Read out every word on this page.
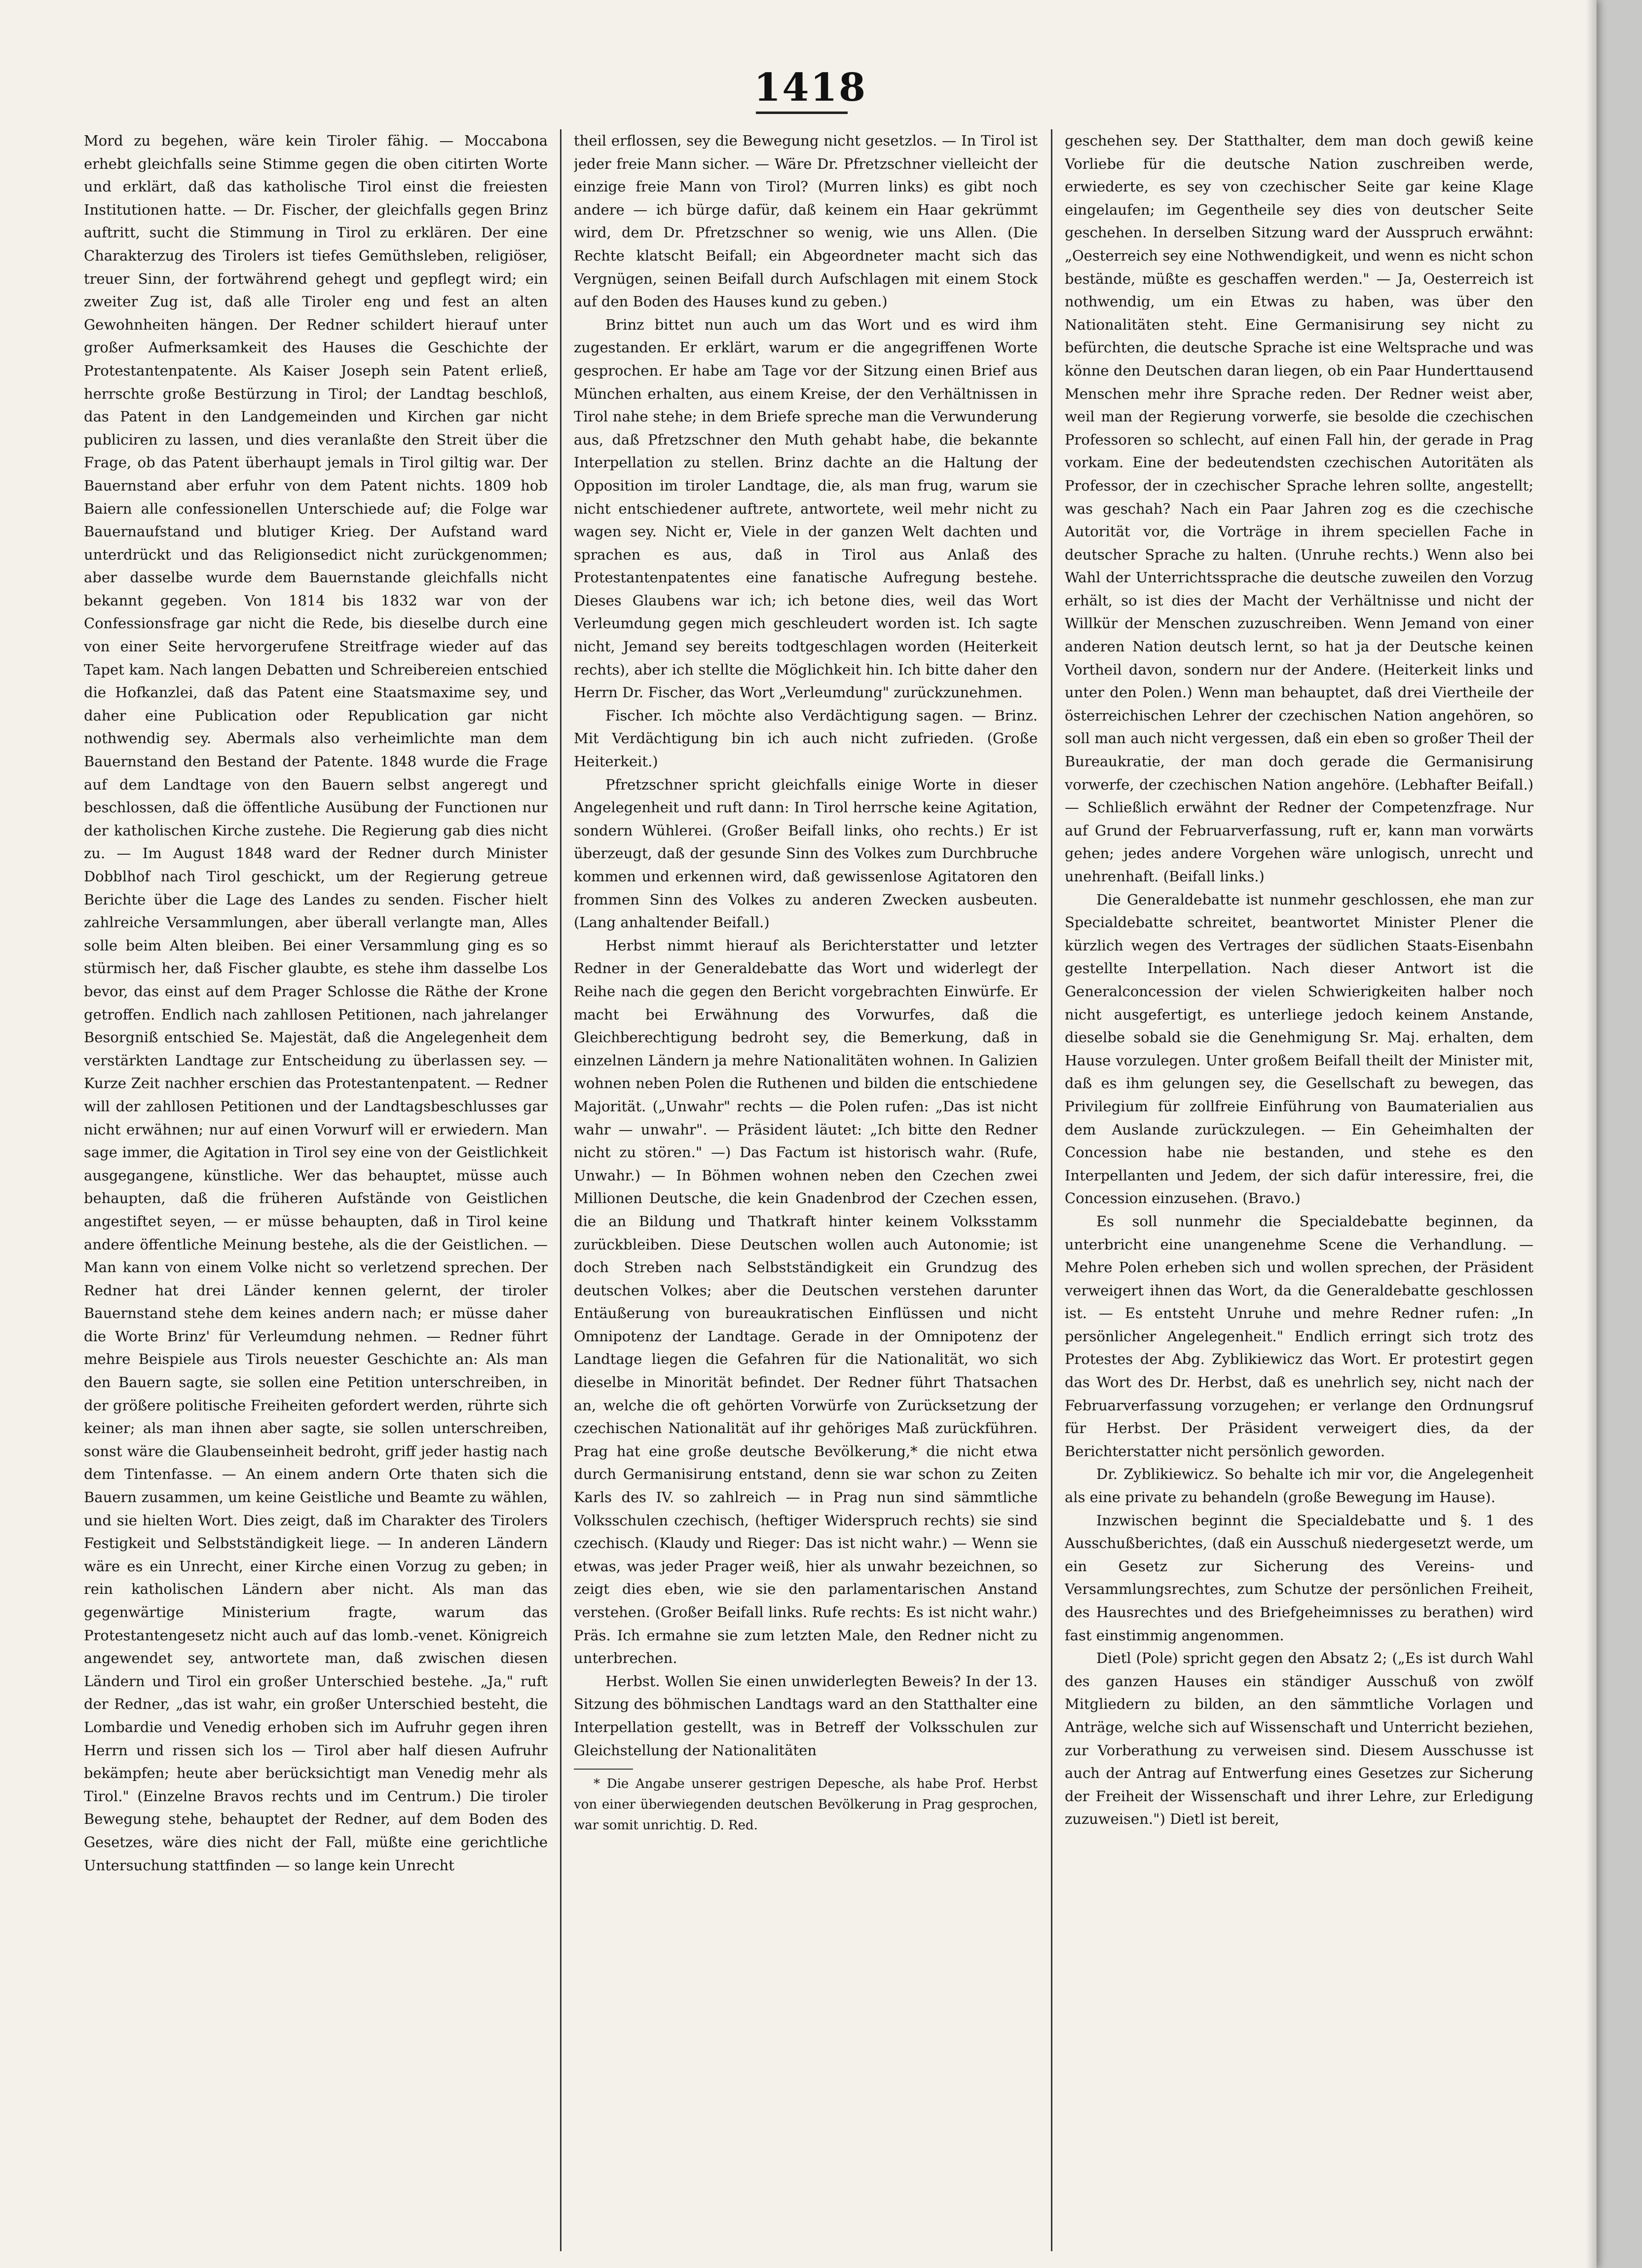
1418

Mord zu begehen, wäre kein Tiroler fähig. — Moccabona erhebt gleichfalls seine Stimme gegen die oben citirten Worte und erklärt, daß das katholische Tirol einst die freiesten Institutionen hatte. — Dr. Fischer, der gleichfalls gegen Brinz auftritt, sucht die Stimmung in Tirol zu erklären. Der eine Charakterzug des Tirolers ist tiefes Gemüthsleben, religiöser, treuer Sinn, der fortwährend gehegt und gepflegt wird; ein zweiter Zug ist, daß alle Tiroler eng und fest an alten Gewohnheiten hängen. Der Redner schildert hierauf unter großer Aufmerksamkeit des Hauses die Geschichte der Protestantenpatente. Als Kaiser Joseph sein Patent erließ, herrschte große Bestürzung in Tirol; der Landtag beschloß, das Patent in den Landgemeinden und Kirchen gar nicht publiciren zu lassen, und dies veranlaßte den Streit über die Frage, ob das Patent überhaupt jemals in Tirol giltig war. Der Bauernstand aber erfuhr von dem Patent nichts. 1809 hob Baiern alle confessionellen Unterschiede auf; die Folge war Bauernaufstand und blutiger Krieg. Der Aufstand ward unterdrückt und das Religionsedict nicht zurückgenommen; aber dasselbe wurde dem Bauernstande gleichfalls nicht bekannt gegeben. Von 1814 bis 1832 war von der Confessionsfrage gar nicht die Rede, bis dieselbe durch eine von einer Seite hervorgerufene Streitfrage wieder auf das Tapet kam. Nach langen Debatten und Schreibereien entschied die Hofkanzlei, daß das Patent eine Staatsmaxime sey, und daher eine Publication oder Republication gar nicht nothwendig sey. Abermals also verheimlichte man dem Bauernstand den Bestand der Patente. 1848 wurde die Frage auf dem Landtage von den Bauern selbst angeregt und beschlossen, daß die öffentliche Ausübung der Functionen nur der katholischen Kirche zustehe. Die Regierung gab dies nicht zu. — Im August 1848 ward der Redner durch Minister Dobblhof nach Tirol geschickt, um der Regierung getreue Berichte über die Lage des Landes zu senden. Fischer hielt zahlreiche Versammlungen, aber überall verlangte man, Alles solle beim Alten bleiben. Bei einer Versammlung ging es so stürmisch her, daß Fischer glaubte, es stehe ihm dasselbe Los bevor, das einst auf dem Prager Schlosse die Räthe der Krone getroffen. Endlich nach zahllosen Petitionen, nach jahrelanger Besorgniß entschied Se. Majestät, daß die Angelegenheit dem verstärkten Landtage zur Entscheidung zu überlassen sey. — Kurze Zeit nachher erschien das Protestantenpatent. — Redner will der zahllosen Petitionen und der Landtagsbeschlusses gar nicht erwähnen; nur auf einen Vorwurf will er erwiedern. Man sage immer, die Agitation in Tirol sey eine von der Geistlichkeit ausgegangene, künstliche. Wer das behauptet, müsse auch behaupten, daß die früheren Aufstände von Geistlichen angestiftet seyen, — er müsse behaupten, daß in Tirol keine andere öffentliche Meinung bestehe, als die der Geistlichen. — Man kann von einem Volke nicht so verletzend sprechen. Der Redner hat drei Länder kennen gelernt, der tiroler Bauernstand stehe dem keines andern nach; er müsse daher die Worte Brinz' für Verleumdung nehmen. — Redner führt mehre Beispiele aus Tirols neuester Geschichte an: Als man den Bauern sagte, sie sollen eine Petition unterschreiben, in der größere politische Freiheiten gefordert werden, rührte sich keiner; als man ihnen aber sagte, sie sollen unterschreiben, sonst wäre die Glaubenseinheit bedroht, griff jeder hastig nach dem Tintenfasse. — An einem andern Orte thaten sich die Bauern zusammen, um keine Geistliche und Beamte zu wählen, und sie hielten Wort. Dies zeigt, daß im Charakter des Tirolers Festigkeit und Selbstständigkeit liege. — In anderen Ländern wäre es ein Unrecht, einer Kirche einen Vorzug zu geben; in rein katholischen Ländern aber nicht. Als man das gegenwärtige Ministerium fragte, warum das Protestantengesetz nicht auch auf das lomb.-venet. Königreich angewendet sey, antwortete man, daß zwischen diesen Ländern und Tirol ein großer Unterschied bestehe. „Ja," ruft der Redner, „das ist wahr, ein großer Unterschied besteht, die Lombardie und Venedig erhoben sich im Aufruhr gegen ihren Herrn und rissen sich los — Tirol aber half diesen Aufruhr bekämpfen; heute aber berücksichtigt man Venedig mehr als Tirol." (Einzelne Bravos rechts und im Centrum.) Die tiroler Bewegung stehe, behauptet der Redner, auf dem Boden des Gesetzes, wäre dies nicht der Fall, müßte eine gerichtliche Untersuchung stattfinden — so lange kein Unrecht

theil erflossen, sey die Bewegung nicht gesetzlos. — In Tirol ist jeder freie Mann sicher. — Wäre Dr. Pfretzschner vielleicht der einzige freie Mann von Tirol? (Murren links) es gibt noch andere — ich bürge dafür, daß keinem ein Haar gekrümmt wird, dem Dr. Pfretzschner so wenig, wie uns Allen. (Die Rechte klatscht Beifall; ein Abgeordneter macht sich das Vergnügen, seinen Beifall durch Aufschlagen mit einem Stock auf den Boden des Hauses kund zu geben.)

Brinz bittet nun auch um das Wort und es wird ihm zugestanden. Er erklärt, warum er die angegriffenen Worte gesprochen. Er habe am Tage vor der Sitzung einen Brief aus München erhalten, aus einem Kreise, der den Verhältnissen in Tirol nahe stehe; in dem Briefe spreche man die Verwunderung aus, daß Pfretzschner den Muth gehabt habe, die bekannte Interpellation zu stellen. Brinz dachte an die Haltung der Opposition im tiroler Landtage, die, als man frug, warum sie nicht entschiedener auftrete, antwortete, weil mehr nicht zu wagen sey. Nicht er, Viele in der ganzen Welt dachten und sprachen es aus, daß in Tirol aus Anlaß des Protestantenpatentes eine fanatische Aufregung bestehe. Dieses Glaubens war ich; ich betone dies, weil das Wort Verleumdung gegen mich geschleudert worden ist. Ich sagte nicht, Jemand sey bereits todtgeschlagen worden (Heiterkeit rechts), aber ich stellte die Möglichkeit hin. Ich bitte daher den Herrn Dr. Fischer, das Wort „Verleumdung" zurückzunehmen.

Fischer. Ich möchte also Verdächtigung sagen. — Brinz. Mit Verdächtigung bin ich auch nicht zufrieden. (Große Heiterkeit.)

Pfretzschner spricht gleichfalls einige Worte in dieser Angelegenheit und ruft dann: In Tirol herrsche keine Agitation, sondern Wühlerei. (Großer Beifall links, oho rechts.) Er ist überzeugt, daß der gesunde Sinn des Volkes zum Durchbruche kommen und erkennen wird, daß gewissenlose Agitatoren den frommen Sinn des Volkes zu anderen Zwecken ausbeuten. (Lang anhaltender Beifall.)

Herbst nimmt hierauf als Berichterstatter und letzter Redner in der Generaldebatte das Wort und widerlegt der Reihe nach die gegen den Bericht vorgebrachten Einwürfe. Er macht bei Erwähnung des Vorwurfes, daß die Gleichberechtigung bedroht sey, die Bemerkung, daß in einzelnen Ländern ja mehre Nationalitäten wohnen. In Galizien wohnen neben Polen die Ruthenen und bilden die entschiedene Majorität. („Unwahr" rechts — die Polen rufen: „Das ist nicht wahr — unwahr". — Präsident läutet: „Ich bitte den Redner nicht zu stören." —) Das Factum ist historisch wahr. (Rufe, Unwahr.) — In Böhmen wohnen neben den Czechen zwei Millionen Deutsche, die kein Gnadenbrod der Czechen essen, die an Bildung und Thatkraft hinter keinem Volksstamm zurückbleiben. Diese Deutschen wollen auch Autonomie; ist doch Streben nach Selbstständigkeit ein Grundzug des deutschen Volkes; aber die Deutschen verstehen darunter Entäußerung von bureaukratischen Einflüssen und nicht Omnipotenz der Landtage. Gerade in der Omnipotenz der Landtage liegen die Gefahren für die Nationalität, wo sich dieselbe in Minorität befindet. Der Redner führt Thatsachen an, welche die oft gehörten Vorwürfe von Zurücksetzung der czechischen Nationalität auf ihr gehöriges Maß zurückführen. Prag hat eine große deutsche Bevölkerung,* die nicht etwa durch Germanisirung entstand, denn sie war schon zu Zeiten Karls des IV. so zahlreich — in Prag nun sind sämmtliche Volksschulen czechisch, (heftiger Widerspruch rechts) sie sind czechisch. (Klaudy und Rieger: Das ist nicht wahr.) — Wenn sie etwas, was jeder Prager weiß, hier als unwahr bezeichnen, so zeigt dies eben, wie sie den parlamentarischen Anstand verstehen. (Großer Beifall links. Rufe rechts: Es ist nicht wahr.) Präs. Ich ermahne sie zum letzten Male, den Redner nicht zu unterbrechen.

Herbst. Wollen Sie einen unwiderlegten Beweis? In der 13. Sitzung des böhmischen Landtags ward an den Statthalter eine Interpellation gestellt, was in Betreff der Volksschulen zur Gleichstellung der Nationalitäten

* Die Angabe unserer gestrigen Depesche, als habe Prof. Herbst von einer überwiegenden deutschen Bevölkerung in Prag gesprochen, war somit unrichtig. D. Red.

geschehen sey. Der Statthalter, dem man doch gewiß keine Vorliebe für die deutsche Nation zuschreiben werde, erwiederte, es sey von czechischer Seite gar keine Klage eingelaufen; im Gegentheile sey dies von deutscher Seite geschehen. In derselben Sitzung ward der Ausspruch erwähnt: „Oesterreich sey eine Nothwendigkeit, und wenn es nicht schon bestände, müßte es geschaffen werden." — Ja, Oesterreich ist nothwendig, um ein Etwas zu haben, was über den Nationalitäten steht. Eine Germanisirung sey nicht zu befürchten, die deutsche Sprache ist eine Weltsprache und was könne den Deutschen daran liegen, ob ein Paar Hunderttausend Menschen mehr ihre Sprache reden. Der Redner weist aber, weil man der Regierung vorwerfe, sie besolde die czechischen Professoren so schlecht, auf einen Fall hin, der gerade in Prag vorkam. Eine der bedeutendsten czechischen Autoritäten als Professor, der in czechischer Sprache lehren sollte, angestellt; was geschah? Nach ein Paar Jahren zog es die czechische Autorität vor, die Vorträge in ihrem speciellen Fache in deutscher Sprache zu halten. (Unruhe rechts.) Wenn also bei Wahl der Unterrichtssprache die deutsche zuweilen den Vorzug erhält, so ist dies der Macht der Verhältnisse und nicht der Willkür der Menschen zuzuschreiben. Wenn Jemand von einer anderen Nation deutsch lernt, so hat ja der Deutsche keinen Vortheil davon, sondern nur der Andere. (Heiterkeit links und unter den Polen.) Wenn man behauptet, daß drei Viertheile der österreichischen Lehrer der czechischen Nation angehören, so soll man auch nicht vergessen, daß ein eben so großer Theil der Bureaukratie, der man doch gerade die Germanisirung vorwerfe, der czechischen Nation angehöre. (Lebhafter Beifall.) — Schließlich erwähnt der Redner der Competenzfrage. Nur auf Grund der Februarverfassung, ruft er, kann man vorwärts gehen; jedes andere Vorgehen wäre unlogisch, unrecht und unehrenhaft. (Beifall links.)

Die Generaldebatte ist nunmehr geschlossen, ehe man zur Specialdebatte schreitet, beantwortet Minister Plener die kürzlich wegen des Vertrages der südlichen Staats-Eisenbahn gestellte Interpellation. Nach dieser Antwort ist die Generalconcession der vielen Schwierigkeiten halber noch nicht ausgefertigt, es unterliege jedoch keinem Anstande, dieselbe sobald sie die Genehmigung Sr. Maj. erhalten, dem Hause vorzulegen. Unter großem Beifall theilt der Minister mit, daß es ihm gelungen sey, die Gesellschaft zu bewegen, das Privilegium für zollfreie Einführung von Baumaterialien aus dem Auslande zurückzulegen. — Ein Geheimhalten der Concession habe nie bestanden, und stehe es den Interpellanten und Jedem, der sich dafür interessire, frei, die Concession einzusehen. (Bravo.)

Es soll nunmehr die Specialdebatte beginnen, da unterbricht eine unangenehme Scene die Verhandlung. — Mehre Polen erheben sich und wollen sprechen, der Präsident verweigert ihnen das Wort, da die Generaldebatte geschlossen ist. — Es entsteht Unruhe und mehre Redner rufen: „In persönlicher Angelegenheit." Endlich erringt sich trotz des Protestes der Abg. Zyblikiewicz das Wort. Er protestirt gegen das Wort des Dr. Herbst, daß es unehrlich sey, nicht nach der Februarverfassung vorzugehen; er verlange den Ordnungsruf für Herbst. Der Präsident verweigert dies, da der Berichterstatter nicht persönlich geworden.

Dr. Zyblikiewicz. So behalte ich mir vor, die Angelegenheit als eine private zu behandeln (große Bewegung im Hause).

Inzwischen beginnt die Specialdebatte und §. 1 des Ausschußberichtes, (daß ein Ausschuß niedergesetzt werde, um ein Gesetz zur Sicherung des Vereins- und Versammlungsrechtes, zum Schutze der persönlichen Freiheit, des Hausrechtes und des Briefgeheimnisses zu berathen) wird fast einstimmig angenommen.

Dietl (Pole) spricht gegen den Absatz 2; („Es ist durch Wahl des ganzen Hauses ein ständiger Ausschuß von zwölf Mitgliedern zu bilden, an den sämmtliche Vorlagen und Anträge, welche sich auf Wissenschaft und Unterricht beziehen, zur Vorberathung zu verweisen sind. Diesem Ausschusse ist auch der Antrag auf Entwerfung eines Gesetzes zur Sicherung der Freiheit der Wissenschaft und ihrer Lehre, zur Erledigung zuzuweisen.") Dietl ist bereit,
